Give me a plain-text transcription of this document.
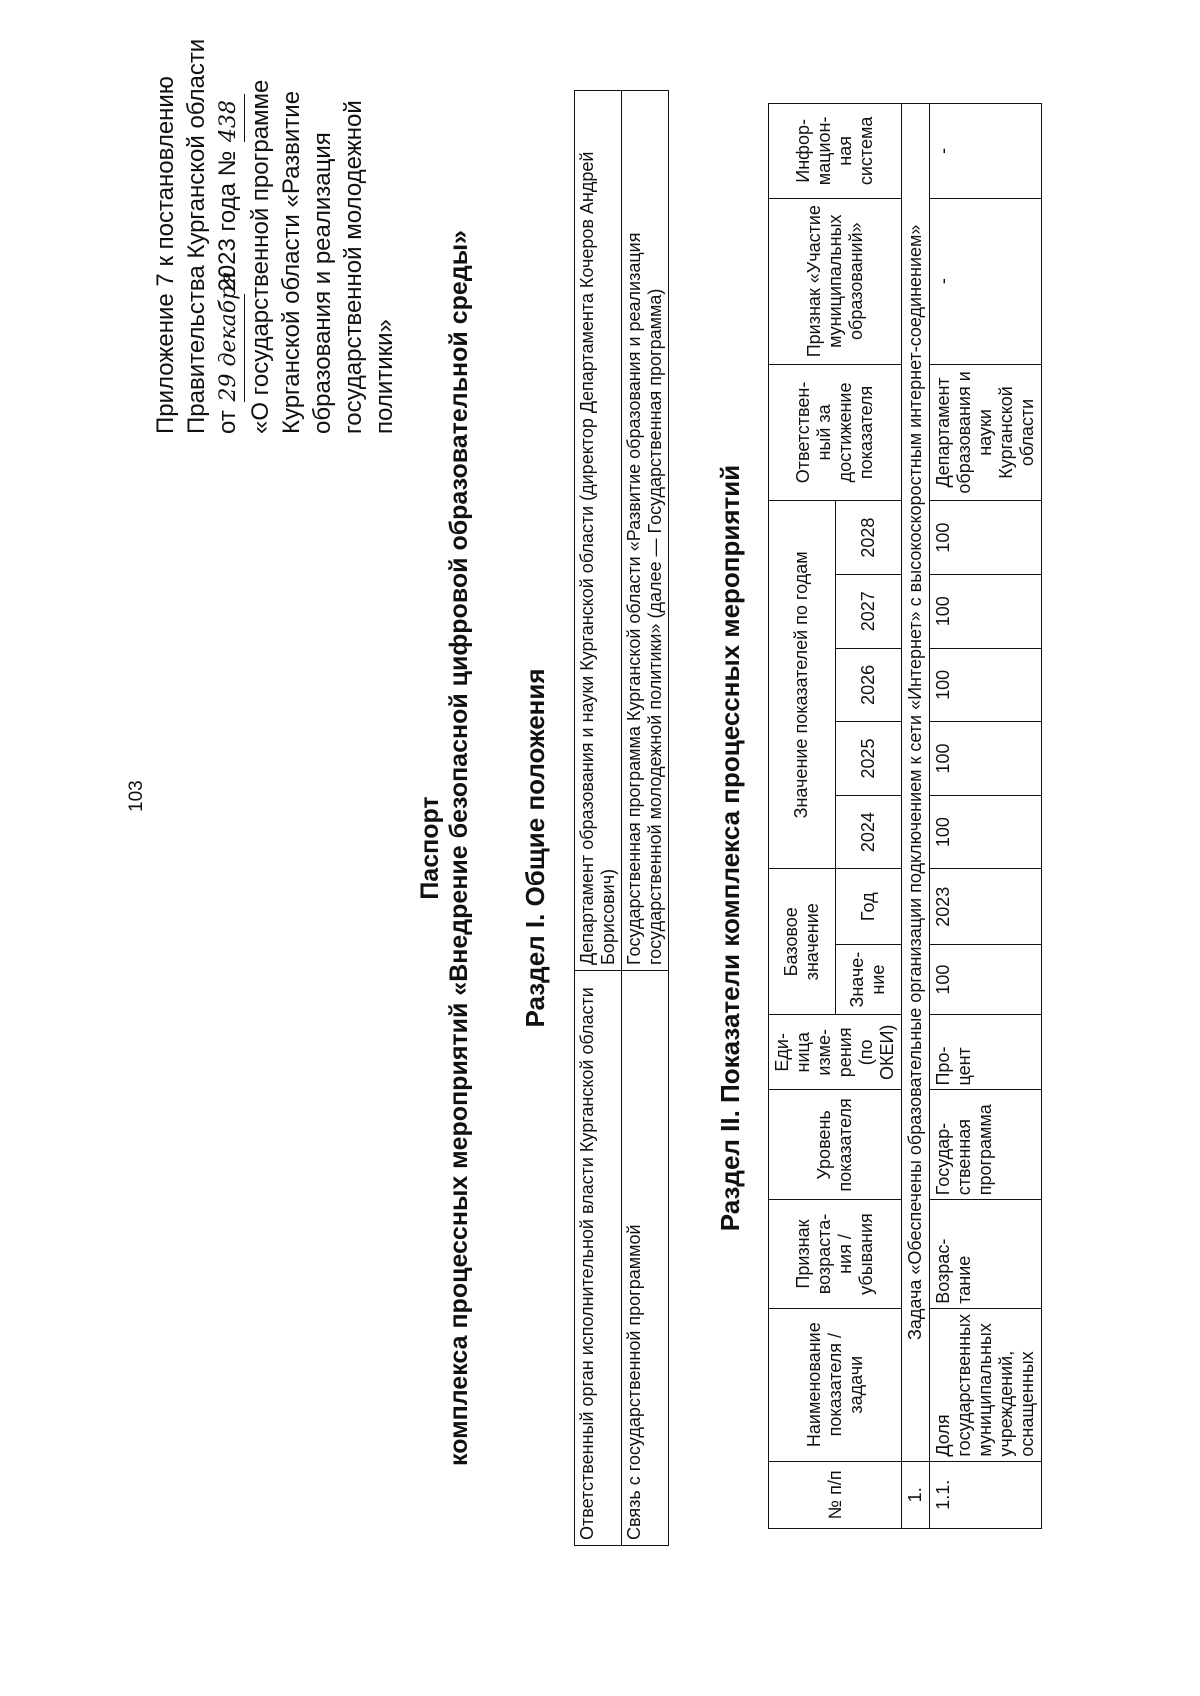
103
Приложение 7 к постановлению Правительства Курганской области от 29 декабря2023 года № 438 «О государственной программе Курганской области «Развитие образования и реализация государственной молодежной политики»
Паспорт комплекса процессных мероприятий «Внедрение безопасной цифровой образовательной среды» Раздел I. Общие положения
Ответственный орган исполнительной власти Курганской области	Департамент образования и науки Курганской области (директор Департамента Кочеров Андрей Борисович)
Связь с государственной программой	Государственная программа Курганской области «Развитие образования и реализация государственной молодежной политики» (далее — Государственная программа) Раздел II. Показатели комплекса процессных мероприятий
№ п/п	Наименование показателя / задачи	Признак возраста-ния / убывания	Уровень показателя	Еди-ница изме-рения (по ОКЕИ)	Базовое значение		Значение показателей по годам					Ответствен-ный за достижение показателя	Признак «Участие муниципальных образований»	Инфор-мацион-ная система
					Значе-ние	Год	2024	2025	2026	2027	2028			
1.	Задача «Обеспечены образовательные организации подключением к сети «Интернет» с высокоскоростным интернет-соединением»													
1.1.	Доля государственных муниципальных учреждений, оснащенных	Возрас-тание	Государ-ственная программа	Про-цент	100	2023	100	100	100	100	100	Департамент образования и науки Курганской области	-	-
